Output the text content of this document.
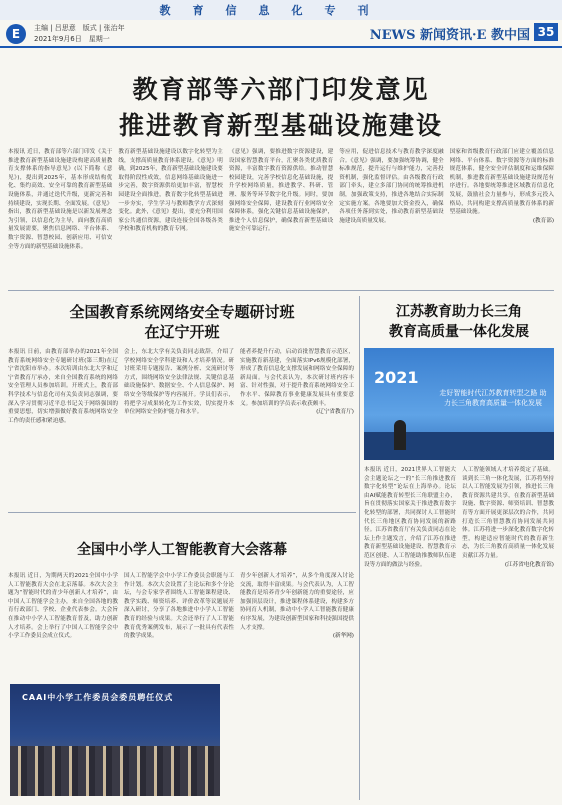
教育信息化专刊
E	主编 | 吕思意　版式 | 张治年
2021年9月6日　星期一	NEWS 新闻资讯·E 教中国 35
教育部等六部门印发意见
推进教育新型基础设施建设
本报讯 近日，教育部等六部门印发《关于推进教育新型基础设施建设构建高质量教育支撑体系的指导意见》(以下简称《意见》)，提出到2025年，基本形成结构优化、集约高效、安全可靠的教育新型基础设施体系，并通过迭代升级，更新完善和持续建设，实现长期、全面发展。《意见》指出，教育新型基础设施是以新发展理念为引领，以信息化为主导，面向教育高质量发展需要，聚焦信息网络、平台体系、数字资源、智慧校园、创新应用、可信安全等方面的新型基础设施体系。
教育新型基础设施建设以数字化转型为主线，支撑高质量教育体系建设。《意见》明确，到2025年，教育新型基础设施建设要取得阶段性成效，信息网络基础设施进一步完善，数字资源供给更加丰富，智慧校园建设全面推进，教育数字化转型基础进一步夯实，学生学习与教师教学方式深刻变化。此外，《意见》提出，要充分利用国家公共通信资源，建设连接全国各级各类学校和教育机构的教育专网。
《意见》强调，要推进数字资源建设，建设国家智慧教育平台，汇聚各类优质教育资源，丰富数字教育资源供给。推动智慧校园建设，完善学校信息化基础设施，提升学校网络质量，推进教学、科研、管理、服务等环节数字化升级。同时，要加强网络安全保障，建设教育行业网络安全保障体系，强化关键信息基础设施保护，推进个人信息保护，确保教育新型基础设施安全可靠运行。
等应用，促进信息技术与教育教学深度融合。《意见》强调，要加强统筹协调，健全标准规范，提升运行与维护能力，完善投资机制，强化监督评估。由各级教育行政部门牵头，建立多部门协同的统筹推进机制，加强政策支持，推进各地结合实际制定实施方案。各地要加大资金投入，确保各项任务落到实处，推动教育新型基础设施建设高质量发展。
国家和省级教育行政部门应建立覆盖信息网络、平台体系、数字资源等方面的标准规范体系，健全安全评估制度和运维保障机制，推进教育新型基础设施建设规范有序进行。各地要统筹推进区域教育信息化发展，鼓励社会力量参与，形成多元投入格局，共同构建支撑高质量教育体系的新型基础设施。
(教育部)
全国教育系统网络安全专题研讨班
在辽宁开班
本报讯 日前，由教育部举办的2021年全国教育系统网络安全专题研讨班(第三期)在辽宁省沈阳市举办。本次培训由东北大学和辽宁省教育厅承办，来自全国教育系统的网络安全管理人员参加培训。开班式上，教育部科学技术与信息化司有关负责同志强调，要深入学习贯彻习近平总书记关于网络强国的重要思想，切实增强做好教育系统网络安全工作的责任感和紧迫感。
会上，东北大学有关负责同志致辞，介绍了学校网络安全学科建设和人才培养情况。研讨班采用专题报告、案例分析、交流研讨等方式，围绕网络安全法律法规、关键信息基础设施保护、数据安全、个人信息保护、网络安全等级保护等内容展开。学员们表示，将把学习成果转化为工作实效，切实提升本单位网络安全防护能力和水平。
能者养提升行动，启动首批智慧教育示范区，实施教育新基建，全面落实IPv6规模化部署，形成了教育信息化支撑发展和网络安全保障的新局面。与会代表认为，本次研讨班内容丰富、针对性强，对于提升教育系统网络安全工作水平、保障教育事业健康发展具有重要意义。参加培训的学员表示收获颇丰。
(辽宁省教育厅)
江苏教育助力长三角
教育高质量一体化发展
2021
走好智能时代江苏教育转型之路 助力长三角教育高质量一体化发展
本报讯 近日，2021世界人工智能大会主题论坛之一的“长三角推进教育数字化转型”论坛在上海举办。论坛由AI赋能教育转型长三角联盟主办，旨在贯彻落实国家关于推进教育数字化转型的部署，共同探讨人工智能时代长三角地区教育协同发展的新路径。江苏省教育厅有关负责同志在论坛上作主题发言，介绍了江苏在推进教育新型基础设施建设、智慧教育示范区创建、人工智能助推教师队伍建设等方面的做法与经验。
人工智能领域人才培养奠定了基础。谈到长三角一体化发展，江苏将坚持以人工智能发展为引领，推进长三角教育资源共建共享，在教育新型基础设施、数字资源、师资培训、智慧教育等方面开展更深层次的合作，共同打造长三角智慧教育协同发展共同体。江苏将进一步深化教育数字化转型，构建适应智能时代的教育新生态，为长三角教育高质量一体化发展贡献江苏力量。
(江苏省电化教育馆)
全国中小学人工智能教育大会落幕
本报讯 近日，为期两天的2021全国中小学人工智能教育大会在北京落幕。本次大会主题为“智能时代的青少年创新人才培养”，由中国人工智能学会主办，来自全国各地的教育行政部门、学校、企业代表参会。大会旨在推动中小学人工智能教育普及，助力创新人才培养。会上举行了中国人工智能学会中小学工作委员会成立仪式。
国人工智能学会中小学工作委员会职能与工作计划。本次大会设置了主论坛和多个分论坛，与会专家学者围绕人工智能课程建设、教学实践、师资培养、评价改革等议题展开深入研讨，分享了各地推进中小学人工智能教育的经验与成果。大会还举行了人工智能教育优秀案例发布，展示了一批具有代表性的教学成果。
青少年创新人才培养”，从多个角度深入讨论交流，取得丰富成果。与会代表认为，人工智能教育是培养青少年创新能力的重要途径，应加强顶层设计，推进课程体系建设，构建多方协同育人机制，推动中小学人工智能教育健康有序发展，为建设创新型国家和科技强国提供人才支撑。
(新华网)
CAAI中小学工作委员会委员聘任仪式
